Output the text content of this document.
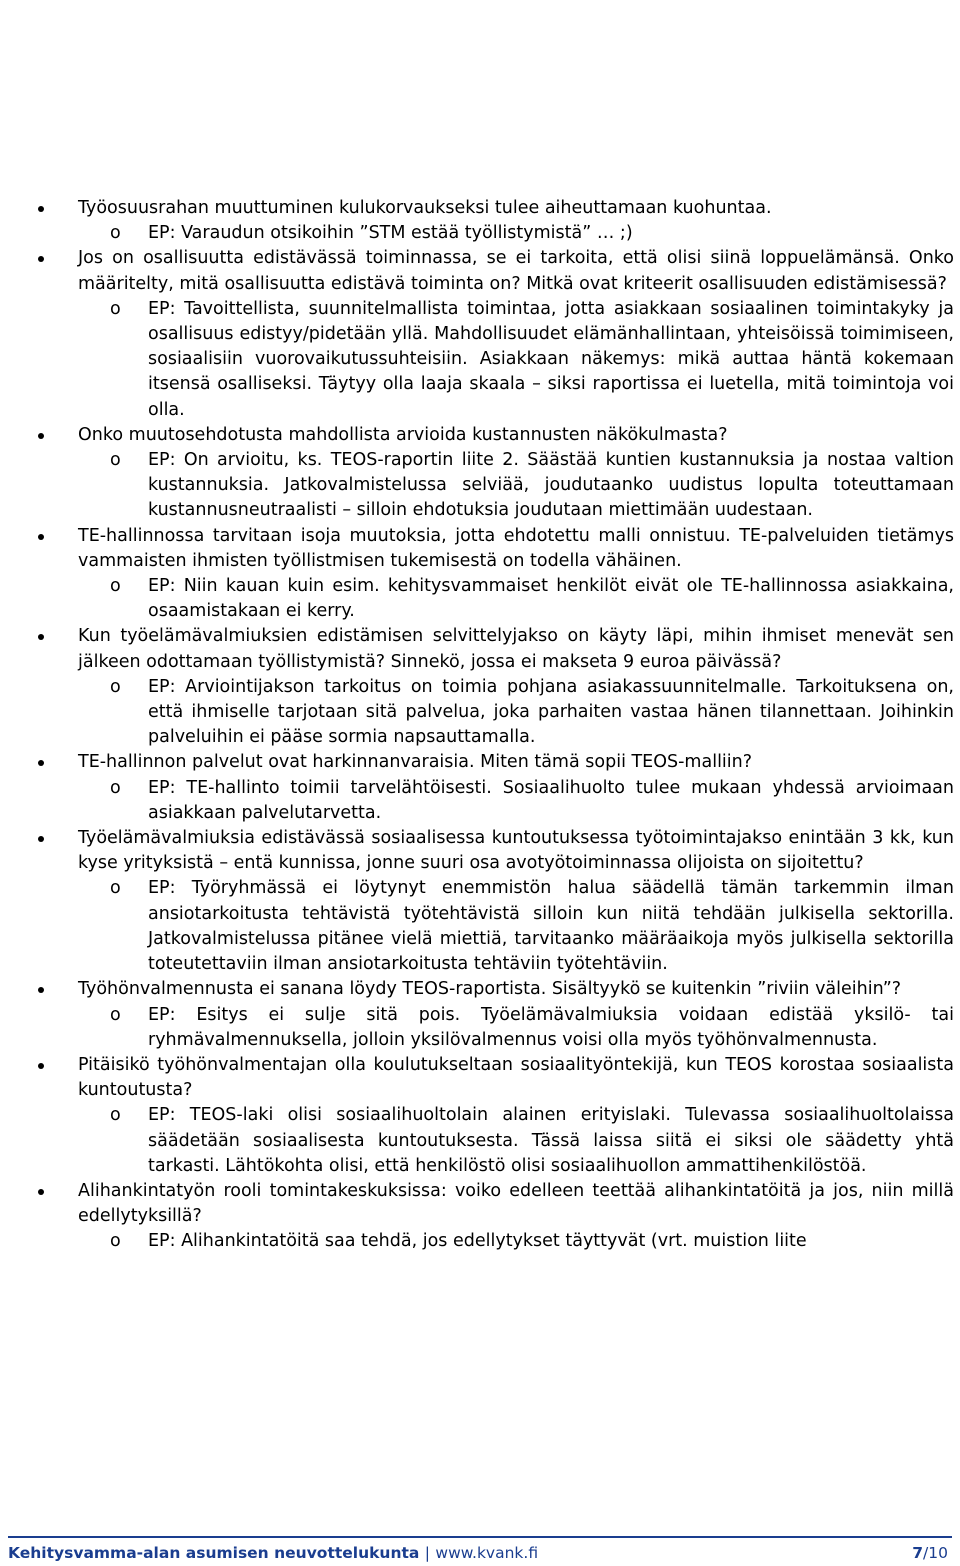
Työosuusrahan muuttuminen kulukorvaukseksi tulee aiheuttamaan kuohuntaa.
o EP: Varaudun otsikoihin ”STM estää työllistymistä” … ;)
Jos on osallisuutta edistävässä toiminnassa, se ei tarkoita, että olisi siinä loppuelämänsä. Onko määritelty, mitä osallisuutta edistävä toiminta on? Mitkä ovat kriteerit osallisuuden edistämisessä?
o EP: Tavoittellista, suunnitelmallista toimintaa, jotta asiakkaan sosiaalinen toimintakyky ja osallisuus edistyy/pidetään yllä. Mahdollisuudet elämänhallintaan, yhteisöissä toimimiseen, sosiaalisiin vuorovaikutussuhteisiin. Asiakkaan näkemys: mikä auttaa häntä kokemaan itsensä osalliseksi. Täytyy olla laaja skaala – siksi raportissa ei luetella, mitä toimintoja voi olla.
Onko muutosehdotusta mahdollista arvioida kustannusten näkökulmasta?
o EP: On arvioitu, ks. TEOS-raportin liite 2. Säästää kuntien kustannuksia ja nostaa valtion kustannuksia. Jatkovalmistelussa selviää, joudutaanko uudistus lopulta toteuttamaan kustannusneutraalisti – silloin ehdotuksia joudutaan miettimään uudestaan.
TE-hallinnossa tarvitaan isoja muutoksia, jotta ehdotettu malli onnistuu. TE-palveluiden tietämys vammaisten ihmisten työllistmisen tukemisestä on todella vähäinen.
o EP: Niin kauan kuin esim. kehitysvammaiset henkilöt eivät ole TE-hallinnossa asiakkaina, osaamistakaan ei kerry.
Kun työelämävalmiuksien edistämisen selvittelyjakso on käyty läpi, mihin ihmiset menevät sen jälkeen odottamaan työllistymistä? Sinnekö, jossa ei makseta 9 euroa päivässä?
o EP: Arviointijakson tarkoitus on toimia pohjana asiakassuunnitelmalle. Tarkoituksena on, että ihmiselle tarjotaan sitä palvelua, joka parhaiten vastaa hänen tilannettaan. Joihinkin palveluihin ei pääse sormia napsauttamalla.
TE-hallinnon palvelut ovat harkinnanvaraisia. Miten tämä sopii TEOS-malliin?
o EP: TE-hallinto toimii tarvelähtöisesti. Sosiaalihuolto tulee mukaan yhdessä arvioimaan asiakkaan palvelutarvetta.
Työelämävalmiuksia edistävässä sosiaalisessa kuntoutuksessa työtoimintajakso enintään 3 kk, kun kyse yrityksistä – entä kunnissa, jonne suuri osa avotyötoiminnassa olijoista on sijoitettu?
o EP: Työryhmässä ei löytynyt enemmistön halua säädellä tämän tarkemmin ilman ansiotarkoitusta tehtävistä työtehtävistä silloin kun niitä tehdään julkisella sektorilla. Jatkovalmistelussa pitänee vielä miettiä, tarvitaanko määräaikoja myös julkisella sektorilla toteutettaviin ilman ansiotarkoitusta tehtäviin työtehtäviin.
Työhönvalmennusta ei sanana löydy TEOS-raportista. Sisältyykö se kuitenkin ”riviin väleihin”?
o EP: Esitys ei sulje sitä pois. Työelämävalmiuksia voidaan edistää yksilö- tai ryhmävalmennuksella, jolloin yksilövalmennus voisi olla myös työhönvalmennusta.
Pitäisikö työhönvalmentajan olla koulutukseltaan sosiaalityöntekijä, kun TEOS korostaa sosiaalista kuntoutusta?
o EP: TEOS-laki olisi sosiaalihuoltolain alainen erityislaki. Tulevassa sosiaalihuoltolaissa säädetään sosiaalisesta kuntoutuksesta. Tässä laissa siitä ei siksi ole säädetty yhtä tarkasti. Lähtökohta olisi, että henkilöstö olisi sosiaalihuollon ammattihenkilöstöä.
Alihankintatyön rooli tomintakeskuksissa: voiko edelleen teettää alihankintatöitä ja jos, niin millä edellytyksillä?
o EP: Alihankintatöitä saa tehdä, jos edellytykset täyttyvät (vrt. muistion liite
Kehitysvammа-alan asumisen neuvottelukunta | www.kvank.fi	7/10
